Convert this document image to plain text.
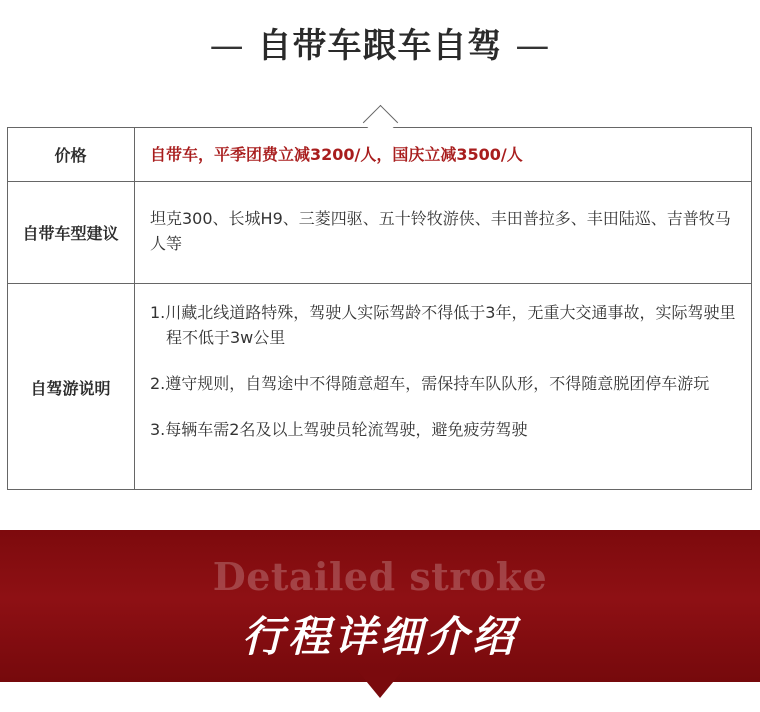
— 自带车跟车自驾 —
价格	自带车，平季团费立减3200/人，国庆立减3500/人
自带车型建议
坦克300、长城H9、三菱四驱、五十铃牧游侠、丰田普拉多、丰田陆巡、吉普牧马人等
自驾游说明

1.川藏北线道路特殊，驾驶人实际驾龄不得低于3年，无重大交通事故，实际驾驶里程不低于3w公里

2.遵守规则，自驾途中不得随意超车，需保持车队队形，不得随意脱团停车游玩

3.每辆车需2名及以上驾驶员轮流驾驶，避免疲劳驾驶

Detailed stroke
行程详细介绍
